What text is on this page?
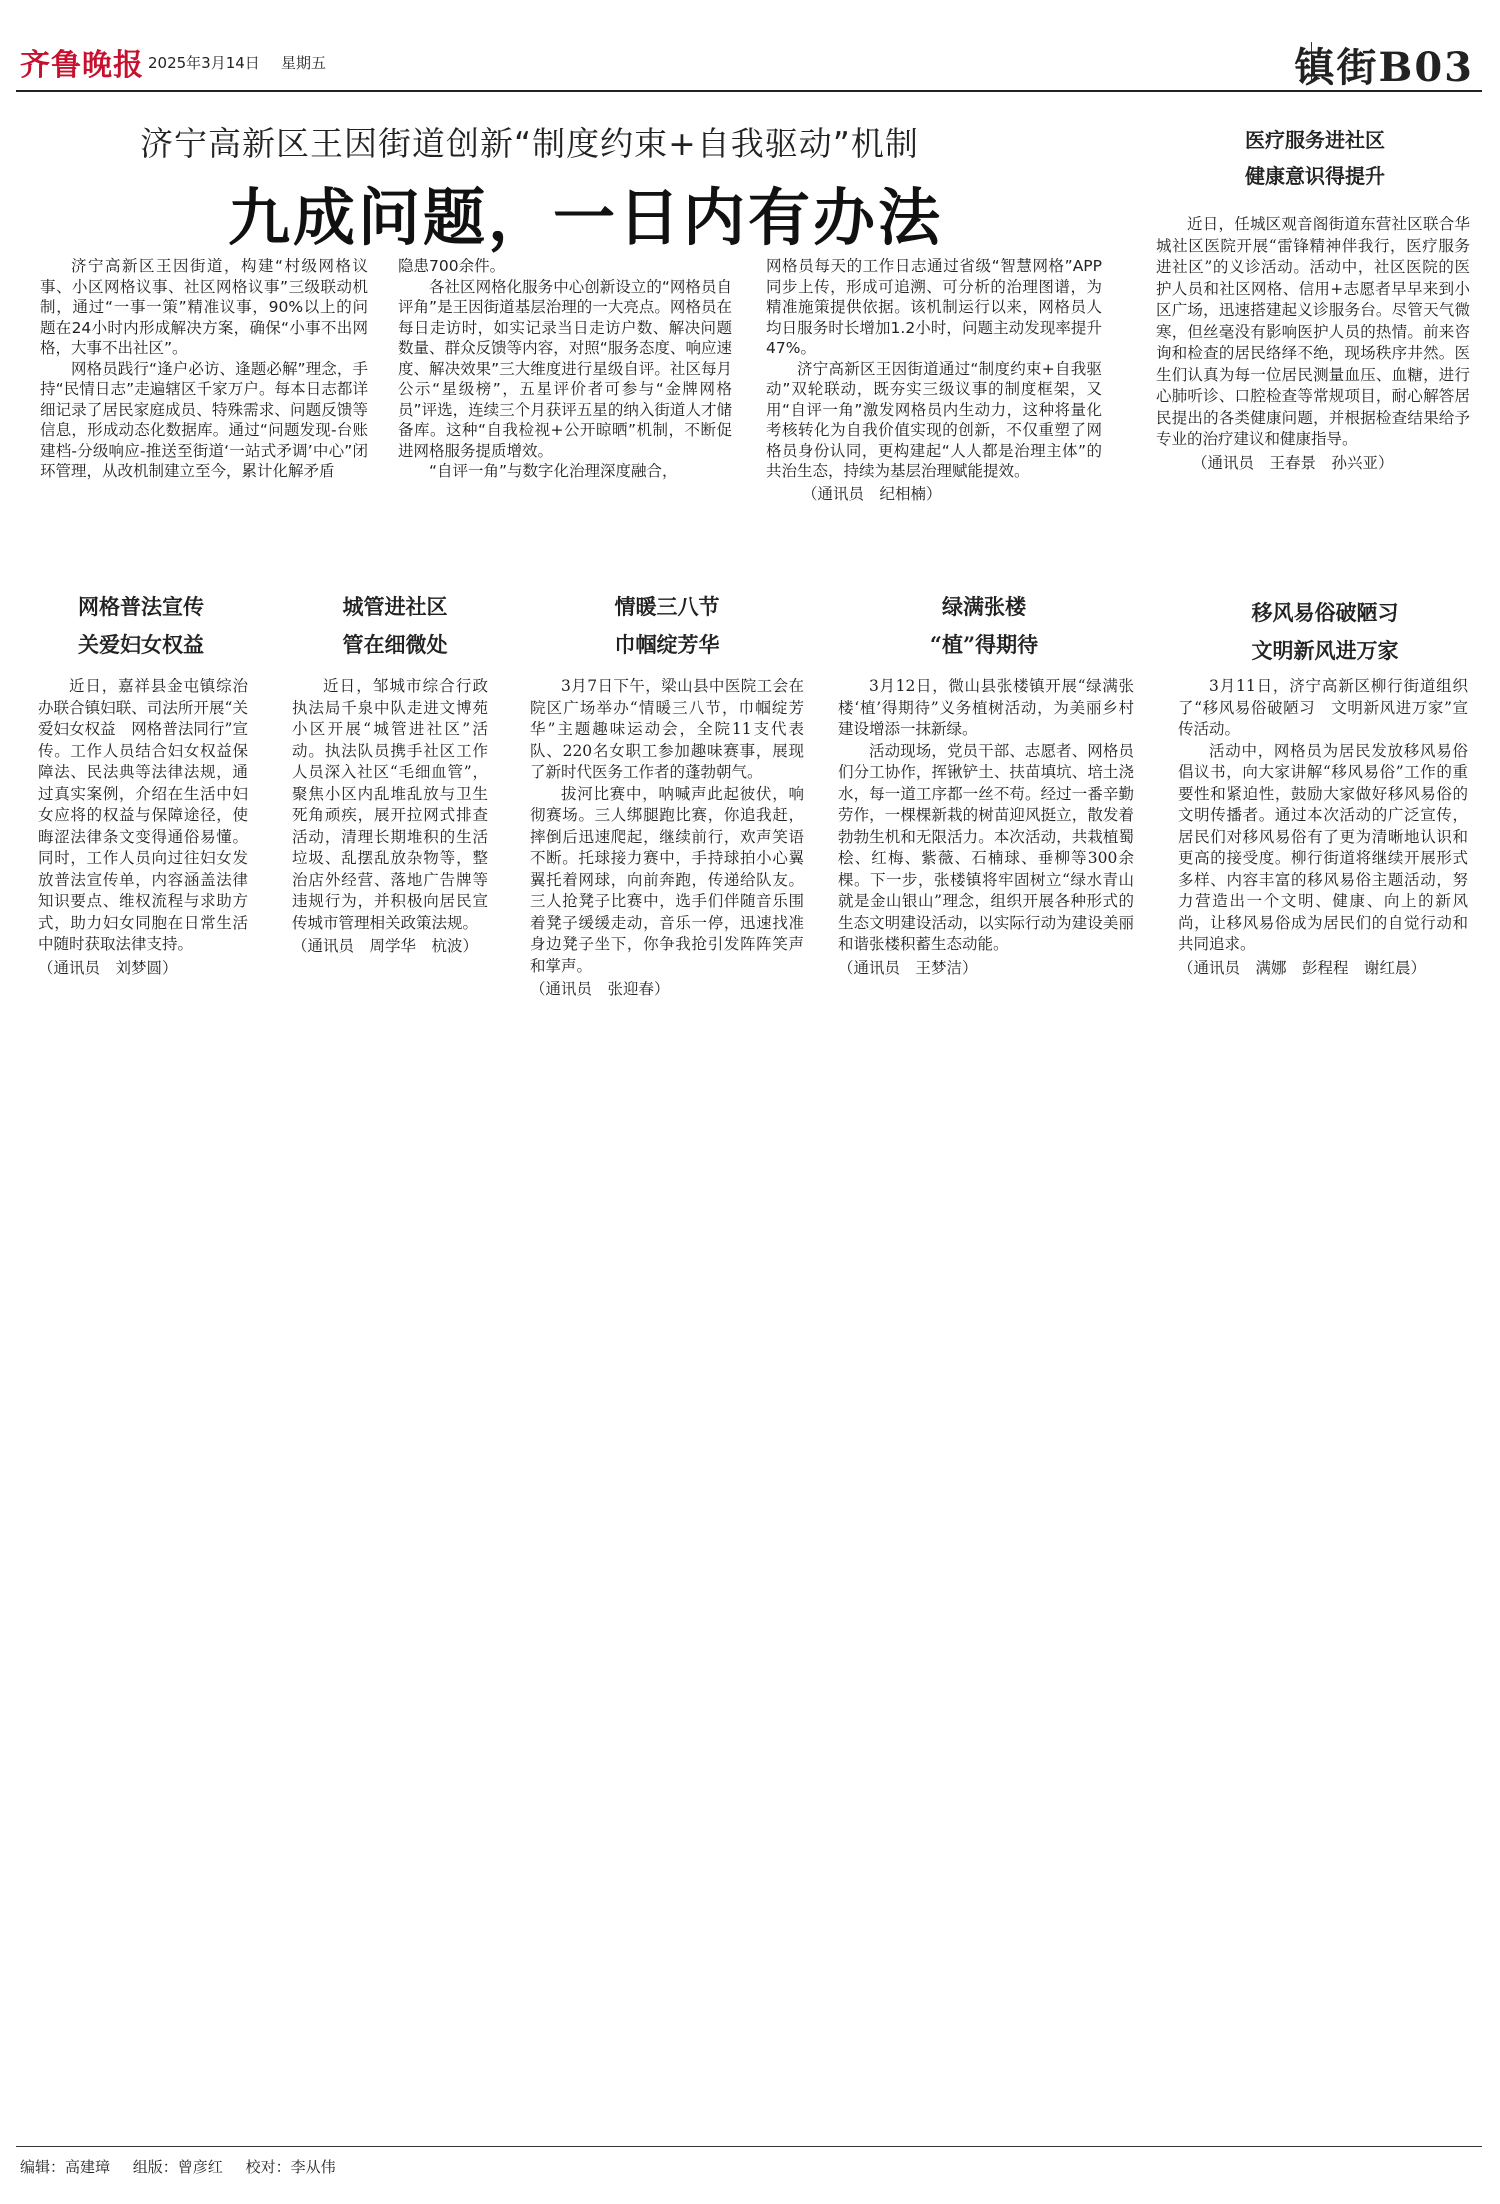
齐鲁晚报 2025年3月14日 星期五	镇街B03
济宁高新区王因街道创新“制度约束+自我驱动”机制
九成问题，一日内有办法

济宁高新区王因街道，构建“村级网格议事、小区网格议事、社区网格议事”三级联动机制，通过“一事一策”精准议事，90%以上的问题在24小时内形成解决方案，确保“小事不出网格，大事不出社区”。

网格员践行“逢户必访、逢题必解”理念，手持“民情日志”走遍辖区千家万户。每本日志都详细记录了居民家庭成员、特殊需求、问题反馈等信息，形成动态化数据库。通过“问题发现-台账建档-分级响应-推送至街道‘一站式矛调’中心”闭环管理，从改机制建立至今，累计化解矛盾

隐患700余件。

各社区网格化服务中心创新设立的“网格员自评角”是王因街道基层治理的一大亮点。网格员在每日走访时，如实记录当日走访户数、解决问题数量、群众反馈等内容，对照“服务态度、响应速度、解决效果”三大维度进行星级自评。社区每月公示“星级榜”，五星评价者可参与“金牌网格员”评选，连续三个月获评五星的纳入街道人才储备库。这种“自我检视+公开晾晒”机制，不断促进网格服务提质增效。

“自评一角”与数字化治理深度融合，

网格员每天的工作日志通过省级“智慧网格”APP同步上传，形成可追溯、可分析的治理图谱，为精准施策提供依据。该机制运行以来，网格员人均日服务时长增加1.2小时，问题主动发现率提升47%。

济宁高新区王因街道通过“制度约束+自我驱动”双轮联动，既夯实三级议事的制度框架，又用“自评一角”激发网格员内生动力，这种将量化考核转化为自我价值实现的创新，不仅重塑了网格员身份认同，更构建起“人人都是治理主体”的共治生态，持续为基层治理赋能提效。

（通讯员　纪相楠）
医疗服务进社区
健康意识得提升

近日，任城区观音阁街道东营社区联合华城社区医院开展“雷锋精神伴我行，医疗服务进社区”的义诊活动。活动中，社区医院的医护人员和社区网格、信用+志愿者早早来到小区广场，迅速搭建起义诊服务台。尽管天气微寒，但丝毫没有影响医护人员的热情。前来咨询和检查的居民络绎不绝，现场秩序井然。医生们认真为每一位居民测量血压、血糖，进行心肺听诊、口腔检查等常规项目，耐心解答居民提出的各类健康问题，并根据检查结果给予专业的治疗建议和健康指导。

（通讯员　王春景　孙兴亚）
网格普法宣传
关爱妇女权益

近日，嘉祥县金屯镇综治办联合镇妇联、司法所开展“关爱妇女权益　网格普法同行”宣传。工作人员结合妇女权益保障法、民法典等法律法规，通过真实案例，介绍在生活中妇女应将的权益与保障途径，使晦涩法律条文变得通俗易懂。同时，工作人员向过往妇女发放普法宣传单，内容涵盖法律知识要点、维权流程与求助方式，助力妇女同胞在日常生活中随时获取法律支持。

（通讯员　刘梦圆）
城管进社区
管在细微处

近日，邹城市综合行政执法局千泉中队走进文博苑小区开展“城管进社区”活动。执法队员携手社区工作人员深入社区“毛细血管”，聚焦小区内乱堆乱放与卫生死角顽疾，展开拉网式排查活动，清理长期堆积的生活垃圾、乱摆乱放杂物等，整治店外经营、落地广告牌等违规行为，并积极向居民宣传城市管理相关政策法规。

（通讯员　周学华　杭波）
情暖三八节
巾帼绽芳华

3月7日下午，梁山县中医院工会在院区广场举办“情暖三八节，巾帼绽芳华”主题趣味运动会，全院11支代表队、220名女职工参加趣味赛事，展现了新时代医务工作者的蓬勃朝气。

拔河比赛中，呐喊声此起彼伏，响彻赛场。三人绑腿跑比赛，你追我赶，摔倒后迅速爬起，继续前行，欢声笑语不断。托球接力赛中，手持球拍小心翼翼托着网球，向前奔跑，传递给队友。三人抢凳子比赛中，选手们伴随音乐围着凳子缓缓走动，音乐一停，迅速找准身边凳子坐下，你争我抢引发阵阵笑声和掌声。

（通讯员　张迎春）
绿满张楼
“植”得期待

3月12日，微山县张楼镇开展“绿满张楼‘植’得期待”义务植树活动，为美丽乡村建设增添一抹新绿。

活动现场，党员干部、志愿者、网格员们分工协作，挥锹铲土、扶苗填坑、培土浇水，每一道工序都一丝不苟。经过一番辛勤劳作，一棵棵新栽的树苗迎风挺立，散发着勃勃生机和无限活力。本次活动，共栽植蜀桧、红梅、紫薇、石楠球、垂柳等300余棵。下一步，张楼镇将牢固树立“绿水青山就是金山银山”理念，组织开展各种形式的生态文明建设活动，以实际行动为建设美丽和谐张楼积蓄生态动能。

（通讯员　王梦洁）
移风易俗破陋习
文明新风进万家

3月11日，济宁高新区柳行街道组织了“移风易俗破陋习　文明新风进万家”宣传活动。

活动中，网格员为居民发放移风易俗倡议书，向大家讲解“移风易俗”工作的重要性和紧迫性，鼓励大家做好移风易俗的文明传播者。通过本次活动的广泛宣传，居民们对移风易俗有了更为清晰地认识和更高的接受度。柳行街道将继续开展形式多样、内容丰富的移风易俗主题活动，努力营造出一个文明、健康、向上的新风尚，让移风易俗成为居民们的自觉行动和共同追求。

（通讯员　满娜　彭程程　谢红晨）
编辑：高建璋 组版：曾彦红 校对：李从伟
